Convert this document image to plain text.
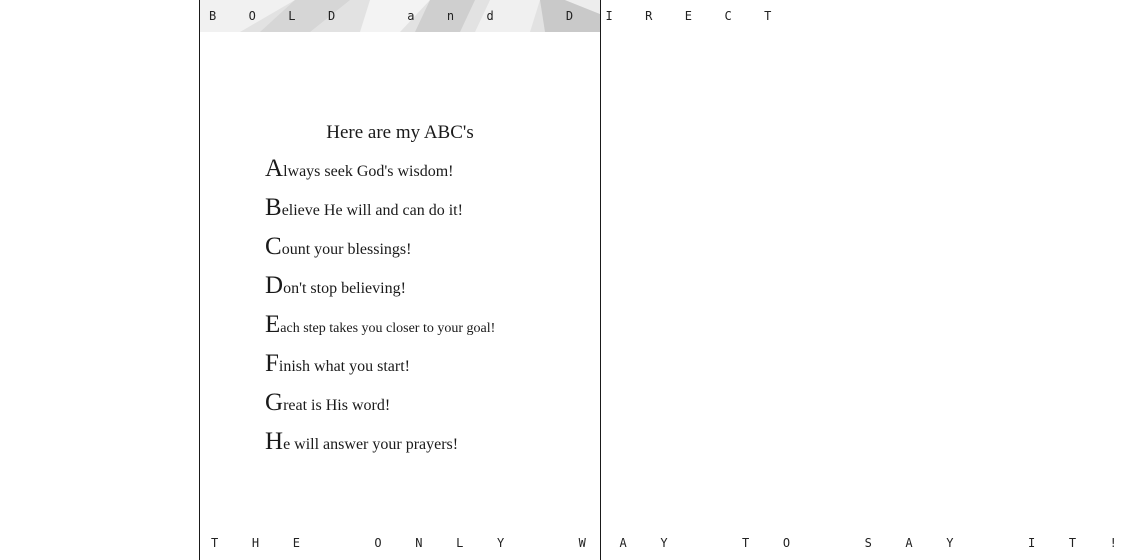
B O L D   a n d   D I R E C T
Here are my ABC's
Always seek God's wisdom!
Believe He will and can do it!
Count your blessings!
Don't stop believing!
Each step takes you closer to your goal!
Finish what you start!
Great is His word!
He will answer your prayers!
T H E   O N L Y   W A Y   T O   S A Y   I T !
